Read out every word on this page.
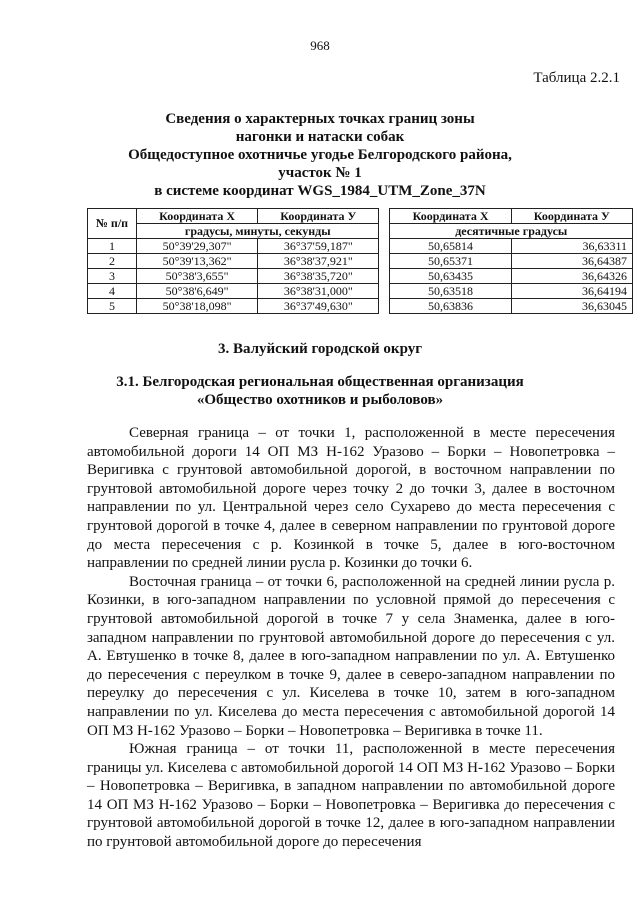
968
Таблица 2.2.1
Сведения о характерных точках границ зоны
нагонки и натаски собак
Общедоступное охотничье угодье Белгородского района,
участок № 1
в системе координат WGS_1984_UTM_Zone_37N
№ п/п	Координата X	Координата У		Координата X	Координата У
	градусы, минуты, секунды			десятичные градусы	
1	50°39'29,307"	36°37'59,187"		50,65814	36,63311
2	50°39'13,362"	36°38'37,921"		50,65371	36,64387
3	50°38'3,655"	36°38'35,720"		50,63435	36,64326
4	50°38'6,649"	36°38'31,000"		50,63518	36,64194
5	50°38'18,098"	36°37'49,630"		50,63836	36,63045
3. Валуйский городской округ
3.1. Белгородская региональная общественная организация
«Общество охотников и рыболовов»

Северная граница – от точки 1, расположенной в месте пересечения автомобильной дороги 14 ОП МЗ Н-162 Уразово – Борки – Новопетровка – Веригивка с грунтовой автомобильной дорогой, в восточном направлении по грунтовой автомобильной дороге через точку 2 до точки 3, далее в восточном направлении по ул. Центральной через село Сухарево до места пересечения с грунтовой дорогой в точке 4, далее в северном направлении по грунтовой дороге до места пересечения с р. Козинкой в точке 5, далее в юго-восточном направлении по средней линии русла р. Козинки до точки 6.

Восточная граница – от точки 6, расположенной на средней линии русла р. Козинки, в юго-западном направлении по условной прямой до пересечения с грунтовой автомобильной дорогой в точке 7 у села Знаменка, далее в юго-западном направлении по грунтовой автомобильной дороге до пересечения с ул. А. Евтушенко в точке 8, далее в юго-западном направлении по ул. А. Евтушенко до пересечения с переулком в точке 9, далее в северо-западном направлении по переулку до пересечения с ул. Киселева в точке 10, затем в юго-западном направлении по ул. Киселева до места пересечения с автомобильной дорогой 14 ОП МЗ Н-162 Уразово – Борки – Новопетровка – Веригивка в точке 11.

Южная граница – от точки 11, расположенной в месте пересечения границы ул. Киселева с автомобильной дорогой 14 ОП МЗ Н-162 Уразово – Борки – Новопетровка – Веригивка, в западном направлении по автомобильной дороге 14 ОП МЗ Н-162 Уразово – Борки – Новопетровка – Веригивка до пересечения с грунтовой автомобильной дорогой в точке 12, далее в юго-западном направлении по грунтовой автомобильной дороге до пересечения
